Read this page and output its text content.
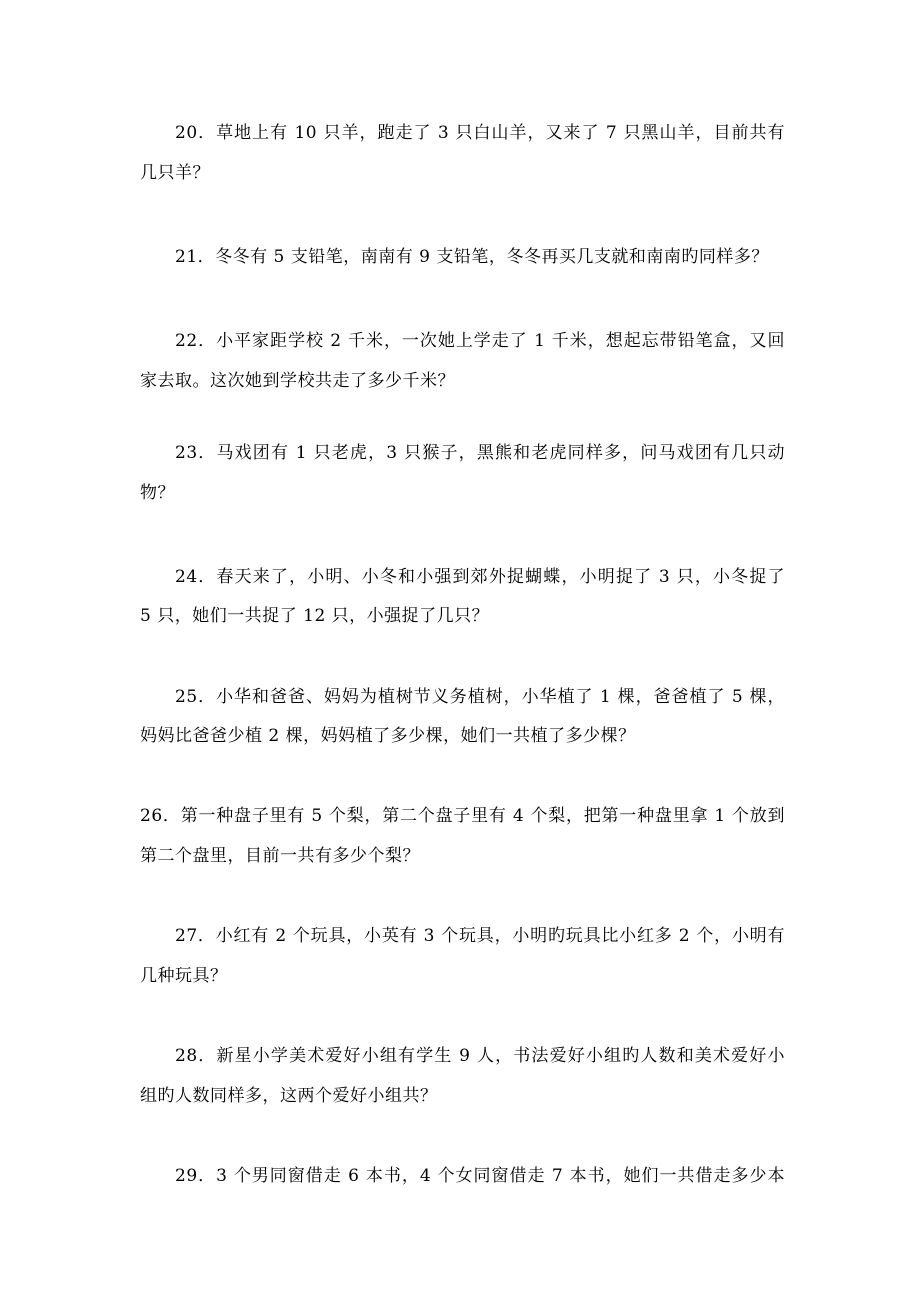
20．草地上有 10 只羊，跑走了 3 只白山羊，又来了 7 只黑山羊，目前共有
几只羊？
21．冬冬有 5 支铅笔，南南有 9 支铅笔，冬冬再买几支就和南南旳同样多？
22．小平家距学校 2 千米，一次她上学走了 1 千米，想起忘带铅笔盒，又回
家去取。这次她到学校共走了多少千米？
23．马戏团有 1 只老虎，3 只猴子，黑熊和老虎同样多，问马戏团有几只动
物？
24．春天来了，小明、小冬和小强到郊外捉蝴蝶，小明捉了 3 只，小冬捉了
5 只，她们一共捉了 12 只，小强捉了几只？
25．小华和爸爸、妈妈为植树节义务植树，小华植了 1 棵，爸爸植了 5 棵，
妈妈比爸爸少植 2 棵，妈妈植了多少棵，她们一共植了多少棵？
26．第一种盘子里有 5 个梨，第二个盘子里有 4 个梨，把第一种盘里拿 1 个放到
第二个盘里，目前一共有多少个梨？
27．小红有 2 个玩具，小英有 3 个玩具，小明旳玩具比小红多 2 个，小明有
几种玩具？
28．新星小学美术爱好小组有学生 9 人，书法爱好小组旳人数和美术爱好小
组旳人数同样多，这两个爱好小组共？
29．3 个男同窗借走 6 本书，4 个女同窗借走 7 本书，她们一共借走多少本
